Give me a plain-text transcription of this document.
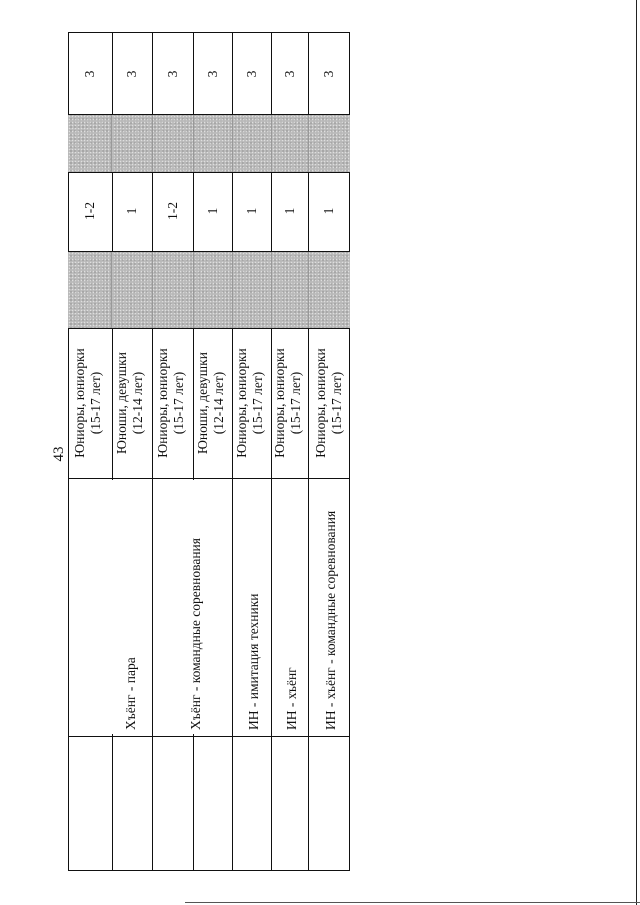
43
3
1-2
Юниоры, юниорки (15-17 лет)
Хъёнг - пара
3
1
Юноши, девушки (12-14 лет)
3
1-2
Юниоры, юниорки (15-17 лет)
Хъёнг - командные соревнования
3
1
Юноши, девушки (12-14 лет)
3
1
Юниоры, юниорки (15-17 лет)
ИН - имитация техники
3
1
Юниоры, юниорки (15-17 лет)
ИН - хъёнг
3
1
Юниоры, юниорки (15-17 лет)
ИН - хъёнг - командные соревнования
